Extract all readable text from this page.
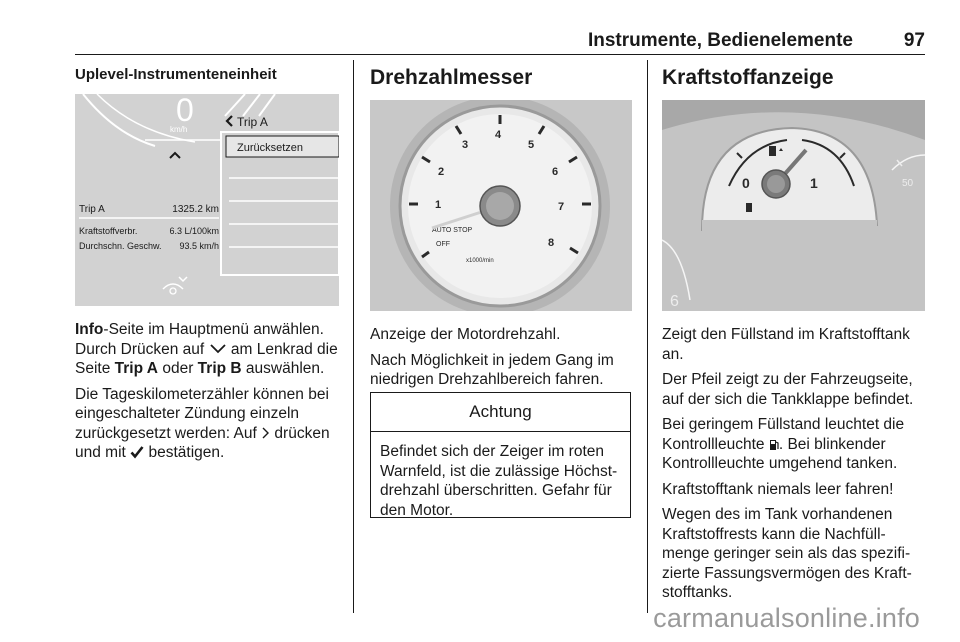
Instrumente, Bedienelemente	97
Uplevel-Instrumenteneinheit
0
km/h
Trip A	1325.2 km
Kraftstoffverbr.	6.3 L/100km
Durchschn. Geschw. 93.5 km/h
Trip A
Zurücksetzen

Info-Seite im Hauptmenü anwählen. Durch Drücken auf am Lenkrad die Seite Trip A oder Trip B auswählen.

Die Tageskilometerzähler können bei eingeschalteter Zündung einzeln zurückgesetzt werden: Auf drücken und mit bestätigen.

Drehzahlmesser
1
2
3
4
5
6
7
8
AUTO STOP
OFF
x1000/min

Anzeige der Motordrehzahl.

Nach Möglichkeit in jedem Gang im niedrigen Drehzahlbereich fahren.

Achtung
Befindet sich der Zeiger im roten Warnfeld, ist die zulässige Höchstdrehzahl überschritten. Gefahr für den Motor.
Kraftstoffanzeige
0	1	50
6

Zeigt den Füllstand im Kraftstofftank an.

Der Pfeil zeigt zu der Fahrzeugseite, auf der sich die Tankklappe befindet.

Bei geringem Füllstand leuchtet die Kontrollleuchte . Bei blinkender Kontrollleuchte umgehend tanken.

Kraftstofftank niemals leer fahren!

Wegen des im Tank vorhandenen Kraftstoffrests kann die Nachfüllmenge geringer sein als das spezifizierte Fassungsvermögen des Kraftstofftanks.

carmanualsonline.info
